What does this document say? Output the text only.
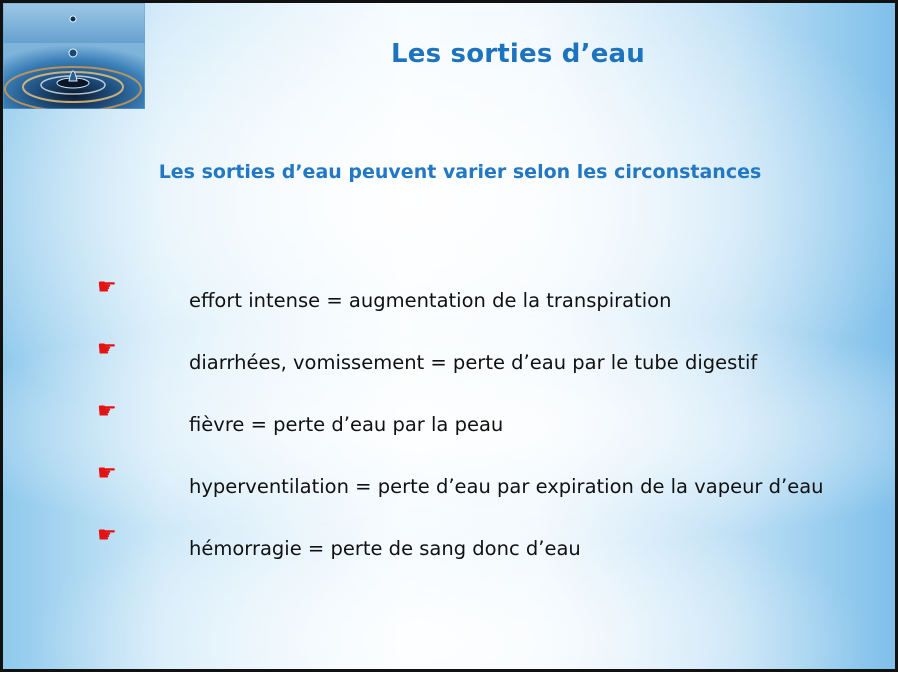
Les sorties d’eau
Les sorties d’eau peuvent varier selon les circonstances
☛
effort intense = augmentation de la transpiration
☛
diarrhées, vomissement = perte d’eau par le tube digestif
☛
fièvre = perte d’eau par la peau
☛
hyperventilation = perte d’eau par expiration de la vapeur d’eau
☛
hémorragie = perte de sang donc d’eau
